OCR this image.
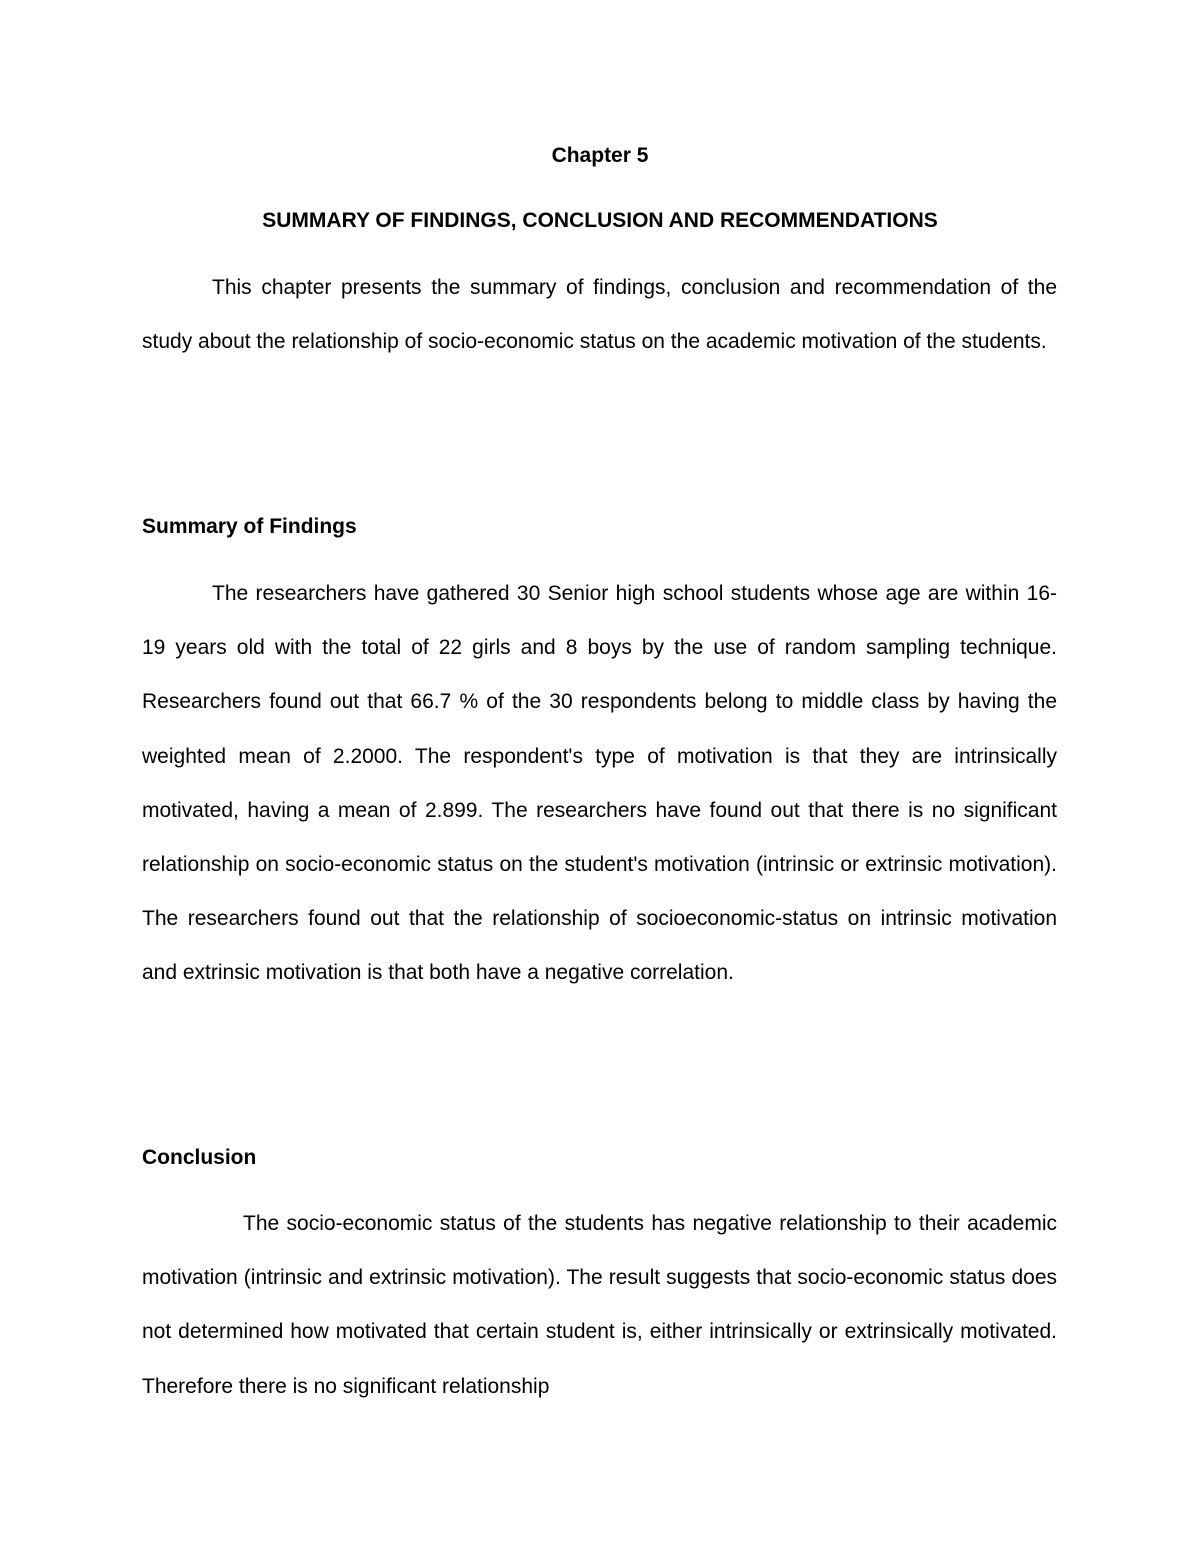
Chapter 5

SUMMARY OF FINDINGS, CONCLUSION AND RECOMMENDATIONS

This chapter presents the summary of findings, conclusion and recommendation of the study about the relationship of socio-economic status on the academic motivation of the students.

Summary of Findings

The researchers have gathered 30 Senior high school students whose age are within 16-19 years old with the total of 22 girls and 8 boys by the use of random sampling technique. Researchers found out that 66.7 % of the 30 respondents belong to middle class by having the weighted mean of 2.2000. The respondent's type of motivation is that they are intrinsically motivated, having a mean of 2.899. The researchers have found out that there is no significant relationship on socio-economic status on the student's motivation (intrinsic or extrinsic motivation). The researchers found out that the relationship of socioeconomic-status on intrinsic motivation and extrinsic motivation is that both have a negative correlation.

Conclusion

The socio-economic status of the students has negative relationship to their academic motivation (intrinsic and extrinsic motivation). The result suggests that socio-economic status does not determined how motivated that certain student is, either intrinsically or extrinsically motivated. Therefore there is no significant relationship
